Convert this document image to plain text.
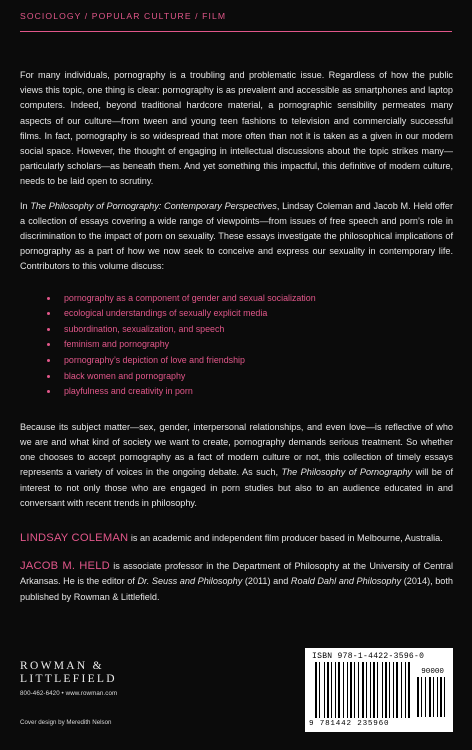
SOCIOLOGY / POPULAR CULTURE / FILM

For many individuals, pornography is a troubling and problematic issue. Regardless of how the public views this topic, one thing is clear: pornography is as prevalent and accessible as smartphones and laptop computers. Indeed, beyond traditional hardcore material, a pornographic sensibility permeates many aspects of our culture—from tween and young teen fashions to television and commercially successful films. In fact, pornography is so widespread that more often than not it is taken as a given in our modern social space. However, the thought of engaging in intellectual discussions about the topic strikes many—particularly scholars—as beneath them. And yet something this impactful, this definitive of modern culture, needs to be laid open to scrutiny.

In The Philosophy of Pornography: Contemporary Perspectives, Lindsay Coleman and Jacob M. Held offer a collection of essays covering a wide range of viewpoints—from issues of free speech and porn’s role in discrimination to the impact of porn on sexuality. These essays investigate the philosophical implications of pornography as a part of how we now seek to conceive and express our sexuality in contemporary life. Contributors to this volume discuss:

pornography as a component of gender and sexual socialization
ecological understandings of sexually explicit media
subordination, sexualization, and speech
feminism and pornography
pornography’s depiction of love and friendship
black women and pornography
playfulness and creativity in porn

Because its subject matter—sex, gender, interpersonal relationships, and even love—is reflective of who we are and what kind of society we want to create, pornography demands serious treatment. So whether one chooses to accept pornography as a fact of modern culture or not, this collection of timely essays represents a variety of voices in the ongoing debate. As such, The Philosophy of Pornography will be of interest to not only those who are engaged in porn studies but also to an audience educated in and conversant with recent trends in philosophy.

LINDSAY COLEMAN is an academic and independent film producer based in Melbourne, Australia.

JACOB M. HELD is associate professor in the Department of Philosophy at the University of Central Arkansas. He is the editor of Dr. Seuss and Philosophy (2011) and Roald Dahl and Philosophy (2014), both published by Rowman & Littlefield.

ROWMAN &
LITTLEFIELD
800-462-6420 • www.rowman.com
Cover design by Meredith Nelson
ISBN 978-1-4422-3596-0
90000
9 781442 235960
